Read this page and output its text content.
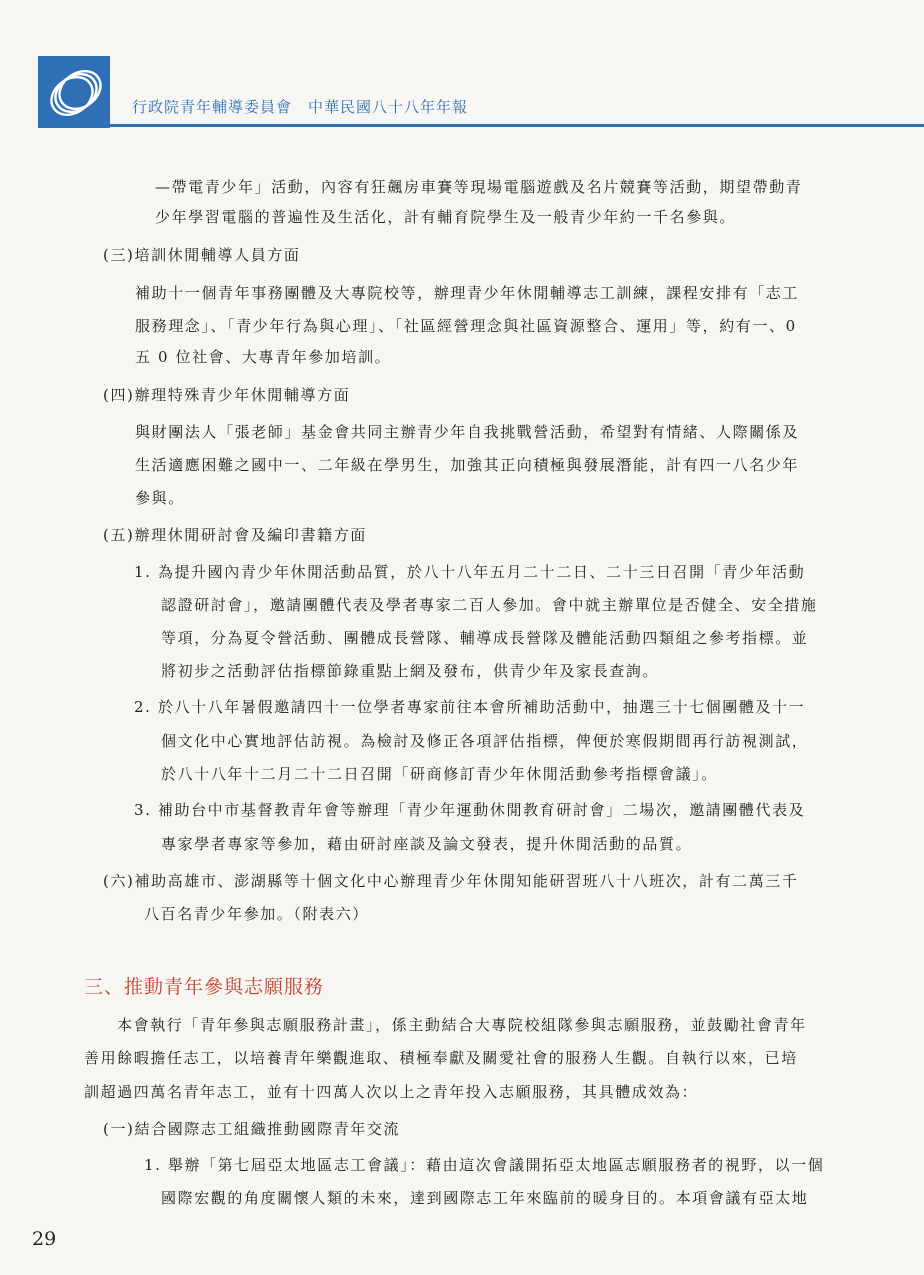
行政院青年輔導委員會　中華民國八十八年年報
—帶電青少年」活動，內容有狂飆房車賽等現場電腦遊戲及名片競賽等活動，期望帶動青
少年學習電腦的普遍性及生活化，計有輔育院學生及一般青少年約一千名參與。
(三)培訓休閒輔導人員方面
補助十一個青年事務團體及大專院校等，辦理青少年休閒輔導志工訓練，課程安排有「志工
服務理念」、「青少年行為與心理」、「社區經營理念與社區資源整合、運用」等，約有一、0
五 0 位社會、大專青年參加培訓。
(四)辦理特殊青少年休閒輔導方面
與財團法人「張老師」基金會共同主辦青少年自我挑戰營活動，希望對有情緒、人際關係及
生活適應困難之國中一、二年級在學男生，加強其正向積極與發展潛能，計有四一八名少年
參與。
(五)辦理休閒研討會及編印書籍方面
1. 為提升國內青少年休閒活動品質，於八十八年五月二十二日、二十三日召開「青少年活動
認證研討會」，邀請團體代表及學者專家二百人參加。會中就主辦單位是否健全、安全措施
等項，分為夏令營活動、團體成長營隊、輔導成長營隊及體能活動四類組之參考指標。並
將初步之活動評估指標節錄重點上網及發布，供青少年及家長查詢。
2. 於八十八年暑假邀請四十一位學者專家前往本會所補助活動中，抽選三十七個團體及十一
個文化中心實地評估訪視。為檢討及修正各項評估指標，俾便於寒假期間再行訪視測試，
於八十八年十二月二十二日召開「研商修訂青少年休閒活動參考指標會議」。
3. 補助台中市基督教青年會等辦理「青少年運動休閒教育研討會」二場次，邀請團體代表及
專家學者專家等參加，藉由研討座談及論文發表，提升休閒活動的品質。
(六)補助高雄市、澎湖縣等十個文化中心辦理青少年休閒知能研習班八十八班次，計有二萬三千
八百名青少年參加。（附表六）
三、推動青年參與志願服務
本會執行「青年參與志願服務計畫」，係主動結合大專院校組隊參與志願服務，並鼓勵社會青年
善用餘暇擔任志工，以培養青年樂觀進取、積極奉獻及關愛社會的服務人生觀。自執行以來，已培
訓超過四萬名青年志工，並有十四萬人次以上之青年投入志願服務，其具體成效為：
(一)結合國際志工組織推動國際青年交流
1. 舉辦「第七屆亞太地區志工會議」：藉由這次會議開拓亞太地區志願服務者的視野，以一個
國際宏觀的角度關懷人類的未來，達到國際志工年來臨前的暖身目的。本項會議有亞太地
29
